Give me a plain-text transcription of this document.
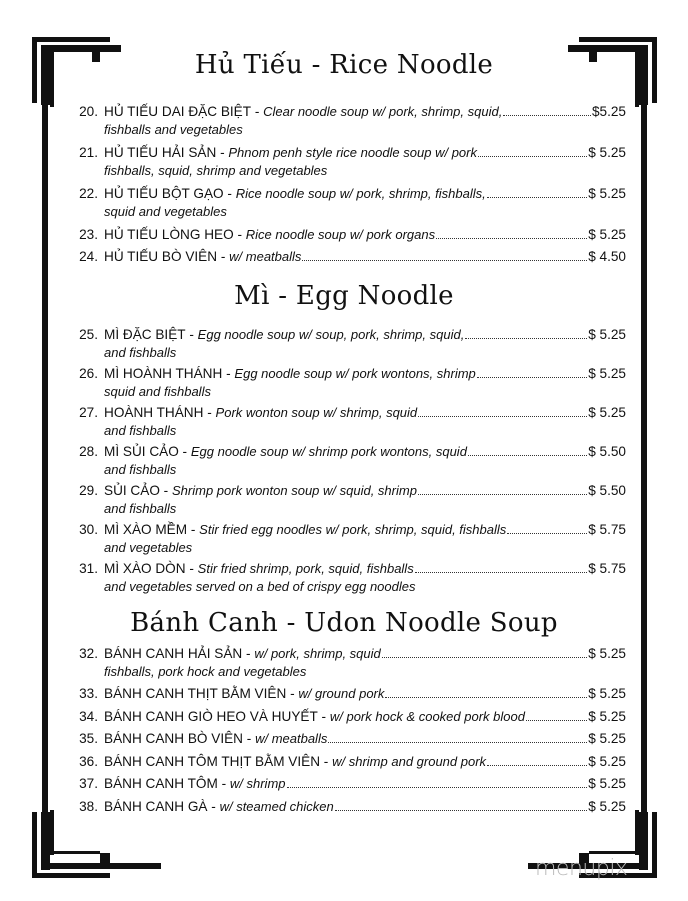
Hủ Tiếu - Rice Noodle
Mì - Egg Noodle
Bánh Canh - Udon Noodle Soup
20. HỦ TIẾU DAI ĐẶC BIỆT - Clear noodle soup w/ pork, shrimp, squid,	$5.25
fishballs and vegetables
21. HỦ TIẾU HẢI SẢN - Phnom penh style rice noodle soup w/ pork	$ 5.25
fishballs, squid, shrimp and vegetables
22. HỦ TIẾU BỘT GẠO - Rice noodle soup w/ pork, shrimp, fishballs,	$ 5.25
squid and vegetables
23. HỦ TIẾU LÒNG HEO - Rice noodle soup w/ pork organs	$ 5.25
24. HỦ TIẾU BÒ VIÊN - w/ meatballs	$ 4.50
25. MÌ ĐẶC BIỆT - Egg noodle soup w/ soup, pork, shrimp, squid,	$ 5.25
and fishballs
26. MÌ HOÀNH THÁNH - Egg noodle soup w/ pork wontons, shrimp	$ 5.25
squid and fishballs
27. HOÀNH THÁNH - Pork wonton soup w/ shrimp, squid	$ 5.25
and fishballs
28. MÌ SỦI CẢO - Egg noodle soup w/ shrimp pork wontons, squid	$ 5.50
and fishballs
29. SỦI CẢO - Shrimp pork wonton soup w/ squid, shrimp	$ 5.50
and fishballs
30. MÌ XÀO MỀM - Stir fried egg noodles w/ pork, shrimp, squid, fishballs	$ 5.75
and vegetables
31. MÌ XÀO DÒN - Stir fried shrimp, pork, squid, fishballs	$ 5.75
and vegetables served on a bed of crispy egg noodles
32. BÁNH CANH HẢI SẢN - w/ pork, shrimp, squid	$ 5.25
fishballs, pork hock and vegetables
33. BÁNH CANH THỊT BẰM VIÊN - w/ ground pork	$ 5.25
34. BÁNH CANH GIÒ HEO VÀ HUYẾT - w/ pork hock & cooked pork blood	$ 5.25
35. BÁNH CANH BÒ VIÊN - w/ meatballs	$ 5.25
36. BÁNH CANH TÔM THỊT BẰM VIÊN - w/ shrimp and ground pork	$ 5.25
37. BÁNH CANH TÔM - w/ shrimp	$ 5.25
38. BÁNH CANH GÀ - w/ steamed chicken	$ 5.25
menupix
